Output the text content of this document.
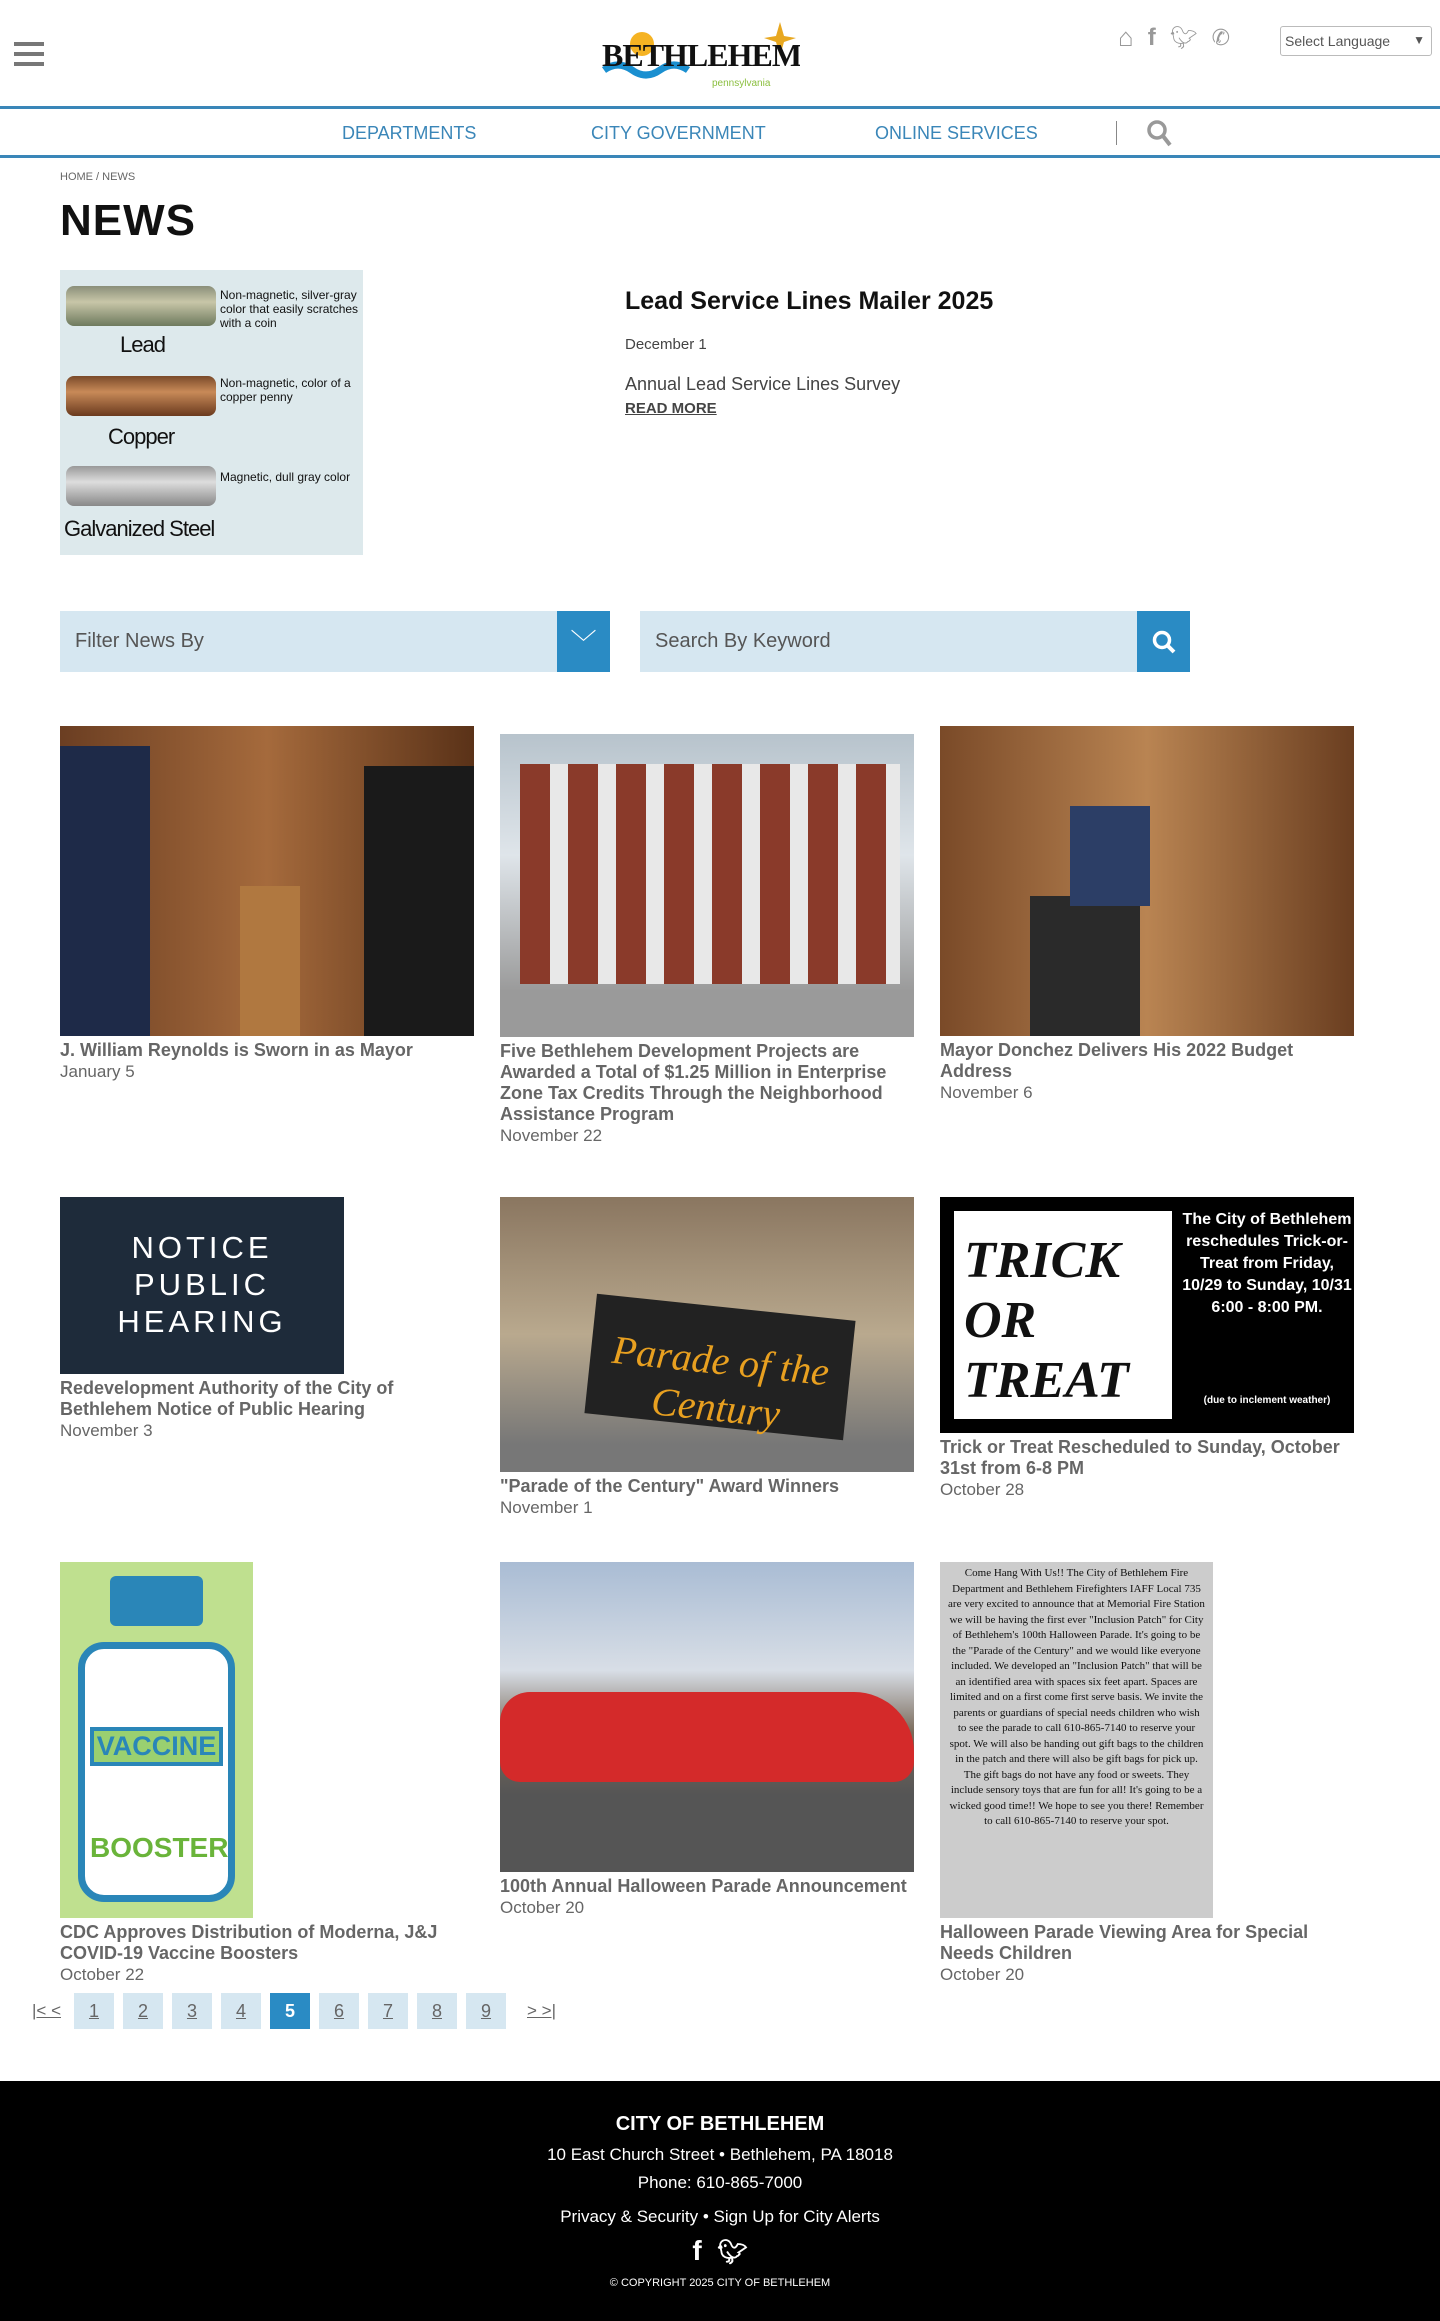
BETHLEHEM
pennsylvania
⌂ f 🐦︎ ✆	Select Language ▼
DEPARTMENTS	CITY GOVERNMENT	ONLINE SERVICES
HOME / NEWS
NEWS
Lead
Non-magnetic, silver-gray color that easily scratches with a coin
Copper
Non-magnetic, color of a copper penny
Galvanized Steel
Magnetic, dull gray color
Lead Service Lines Mailer 2025
December 1
Annual Lead Service Lines Survey
READ MORE
Filter News By	﹀	Search By Keyword
J. William Reynolds is Sworn in as Mayor
January 5
Five Bethlehem Development Projects are Awarded a Total of $1.25 Million in Enterprise Zone Tax Credits Through the Neighborhood Assistance Program
November 22
Mayor Donchez Delivers His 2022 Budget Address
November 6
NOTICE PUBLIC HEARING
Redevelopment Authority of the City of Bethlehem Notice of Public Hearing
November 3
Parade of the Century
"Parade of the Century" Award Winners
November 1
TRICK OR TREAT
The City of Bethlehem reschedules Trick-or-Treat from Friday, 10/29 to Sunday, 10/31 6:00 - 8:00 PM.
(due to inclement weather)
Trick or Treat Rescheduled to Sunday, October 31st from 6-8 PM
October 28
VACCINE
BOOSTER
CDC Approves Distribution of Moderna, J&J COVID-19 Vaccine Boosters
October 22
100th Annual Halloween Parade Announcement
October 20
Come Hang With Us!! The City of Bethlehem Fire Department and Bethlehem Firefighters IAFF Local 735 are very excited to announce that at Memorial Fire Station we will be having the first ever "Inclusion Patch" for City of Bethlehem's 100th Halloween Parade. It's going to be the "Parade of the Century" and we would like everyone included. We developed an "Inclusion Patch" that will be an identified area with spaces six feet apart. Spaces are limited and on a first come first serve basis. We invite the parents or guardians of special needs children who wish to see the parade to call 610-865-7140 to reserve your spot. We will also be handing out gift bags to the children in the patch and there will also be gift bags for pick up. The gift bags do not have any food or sweets. They include sensory toys that are fun for all! It's going to be a wicked good time!! We hope to see you there! Remember to call 610-865-7140 to reserve your spot.
Halloween Parade Viewing Area for Special Needs Children
October 20
|< <	1	2	3	4	5	6	7	8	9	> >|
CITY OF BETHLEHEM
10 East Church Street • Bethlehem, PA 18018
Phone: 610-865-7000
Privacy & Security • Sign Up for City Alerts
f 🐦︎
© COPYRIGHT 2025 CITY OF BETHLEHEM
